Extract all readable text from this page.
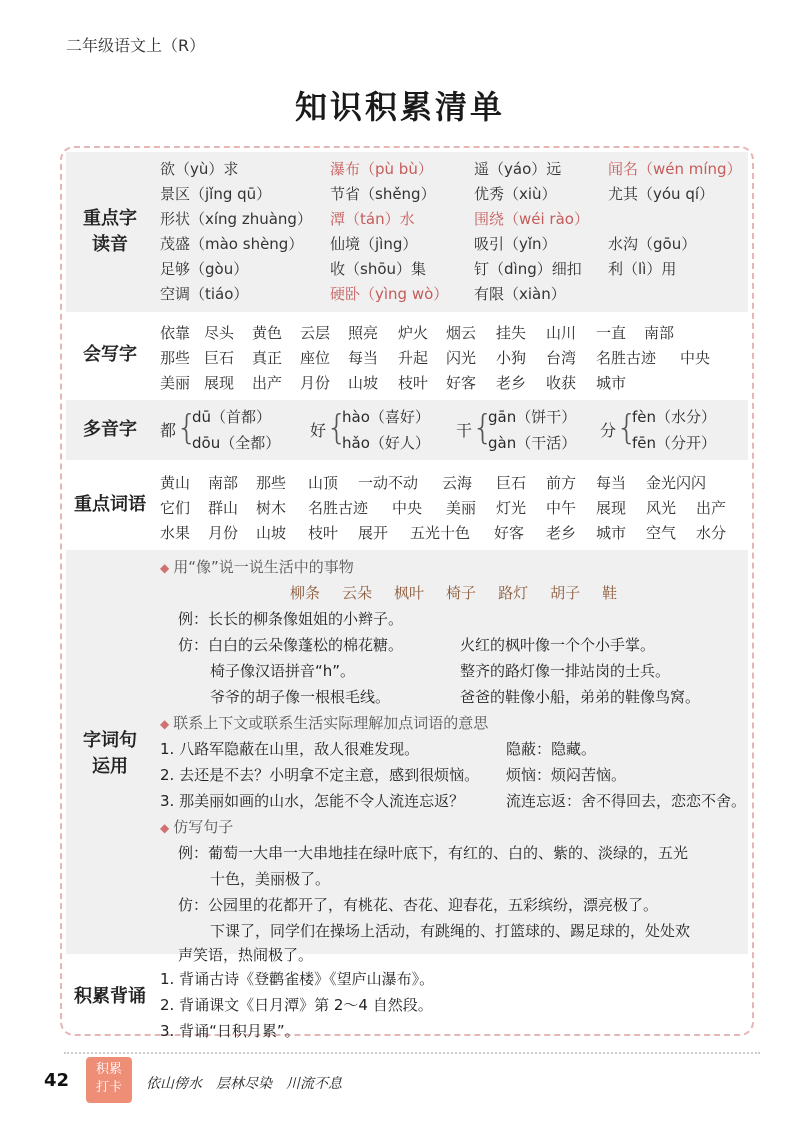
二年级语文上（R）
知识积累清单
重点字
读音
欲（yù）求	瀑布（pù bù）	遥（yáo）远	闻名（wén míng）
景区（jǐng qū）	节省（shěng）	优秀（xiù）	尤其（yóu qí）
形状（xíng zhuàng） 潭（tán）水	围绕（wéi rào）
茂盛（mào shèng） 仙境（jìng）	吸引（yǐn）	水沟（gōu）
足够（gòu）	收（shōu）集	钉（dìng）细扣 利（lì）用
空调（tiáo）	硬卧（yìng wò） 有限（xiàn）
会写字
依靠 尽头 黄色 云层 照亮 炉火 烟云 挂失 山川 一直 南部
那些 巨石 真正 座位 每当 升起 闪光 小狗 台湾 名胜古迹 中央
美丽 展现 出产 月份 山坡 枝叶 好客 老乡 收获 城市
多音字	都 {
dū（首都）
dōu（全都）
好 {
hào（喜好）
hǎo（好人）
干 {
gān（饼干）
gàn（干活）
分 {
fèn（水分）
fēn（分开）
重点词语
黄山 南部 那些 山顶 一动不动 云海 巨石 前方 每当 金光闪闪
它们 群山 树木 名胜古迹 中央 美丽 灯光 中午 展现 风光 出产
水果 月份 山坡 枝叶 展开 五光十色 好客 老乡 城市 空气 水分
字词句
运用
◆ 用“像”说一说生活中的事物
柳条 云朵 枫叶 椅子 路灯 胡子 鞋
例：长长的柳条像姐姐的小辫子。
仿：白白的云朵像蓬松的棉花糖。	火红的枫叶像一个个小手掌。
椅子像汉语拼音“h”。	整齐的路灯像一排站岗的士兵。
爷爷的胡子像一根根毛线。	爸爸的鞋像小船，弟弟的鞋像鸟窝。
◆ 联系上下文或联系生活实际理解加点词语的意思
1. 八路军隐蔽在山里，敌人很难发现。	隐蔽：隐藏。
2. 去还是不去？小明拿不定主意，感到很烦恼。 烦恼：烦闷苦恼。
3. 那美丽如画的山水，怎能不令人流连忘返？	流连忘返：舍不得回去，恋恋不舍。
◆ 仿写句子
例：葡萄一大串一大串地挂在绿叶底下，有红的、白的、紫的、淡绿的，五光
十色，美丽极了。
仿：公园里的花都开了，有桃花、杏花、迎春花，五彩缤纷，漂亮极了。
下课了，同学们在操场上活动，有跳绳的、打篮球的、踢足球的，处处欢
声笑语，热闹极了。
积累背诵
1. 背诵古诗《登鹳雀楼》《望庐山瀑布》。
2. 背诵课文《日月潭》第 2～4 自然段。
3. 背诵“日积月累”。
42
积累
打卡	依山傍水 层林尽染 川流不息
